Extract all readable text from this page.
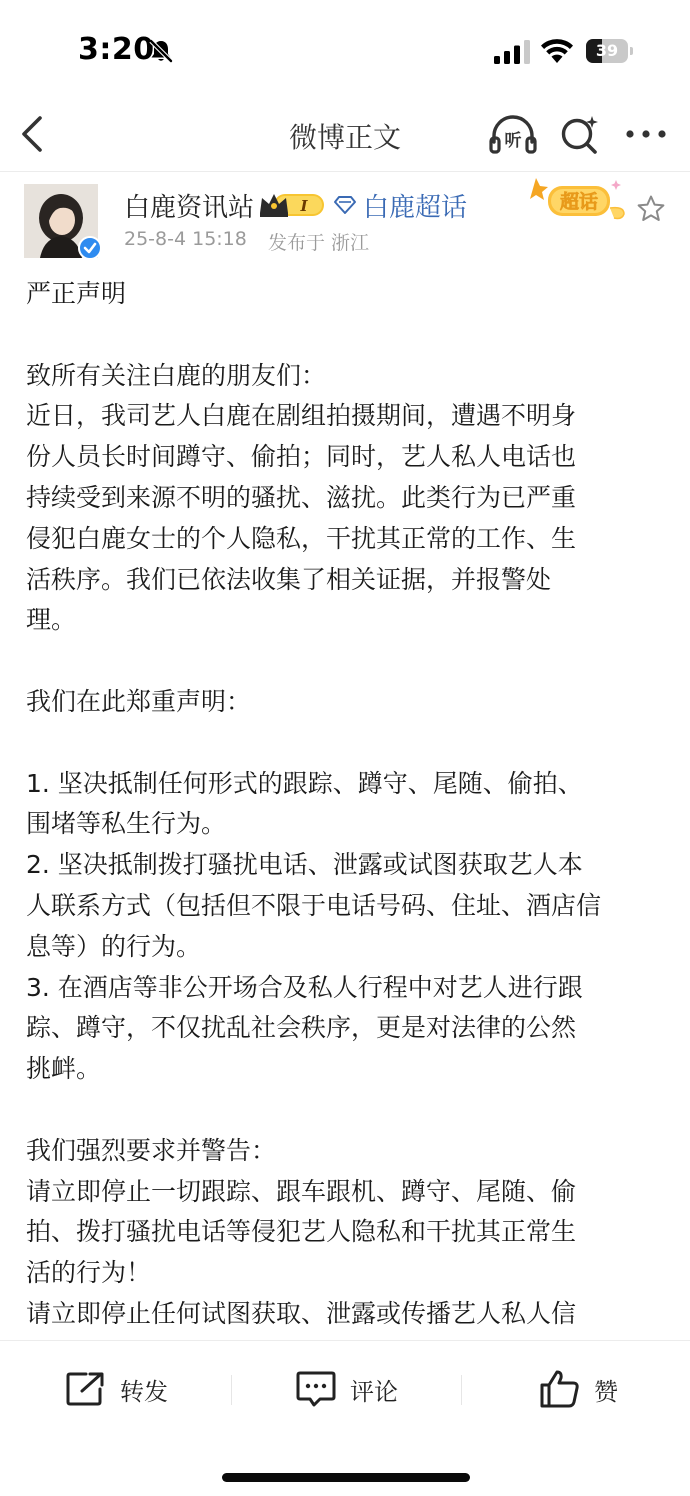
3:20	39
微博正文	听
白鹿资讯站	I 白鹿超话
25-8-4 15:18 发布于 浙江
超话

严正声明

致所有关注白鹿的朋友们：

近日，我司艺人白鹿在剧组拍摄期间，遭遇不明身

份人员长时间蹲守、偷拍；同时，艺人私人电话也

持续受到来源不明的骚扰、滋扰。此类行为已严重

侵犯白鹿女士的个人隐私，干扰其正常的工作、生

活秩序。我们已依法收集了相关证据，并报警处

理。

我们在此郑重声明：

1. 坚决抵制任何形式的跟踪、蹲守、尾随、偷拍、

围堵等私生行为。

2. 坚决抵制拨打骚扰电话、泄露或试图获取艺人本

人联系方式（包括但不限于电话号码、住址、酒店信

息等）的行为。

3. 在酒店等非公开场合及私人行程中对艺人进行跟

踪、蹲守，不仅扰乱社会秩序，更是对法律的公然

挑衅。

我们强烈要求并警告：

请立即停止一切跟踪、跟车跟机、蹲守、尾随、偷

拍、拨打骚扰电话等侵犯艺人隐私和干扰其正常生

活的行为！

请立即停止任何试图获取、泄露或传播艺人私人信

转发	评论	赞
